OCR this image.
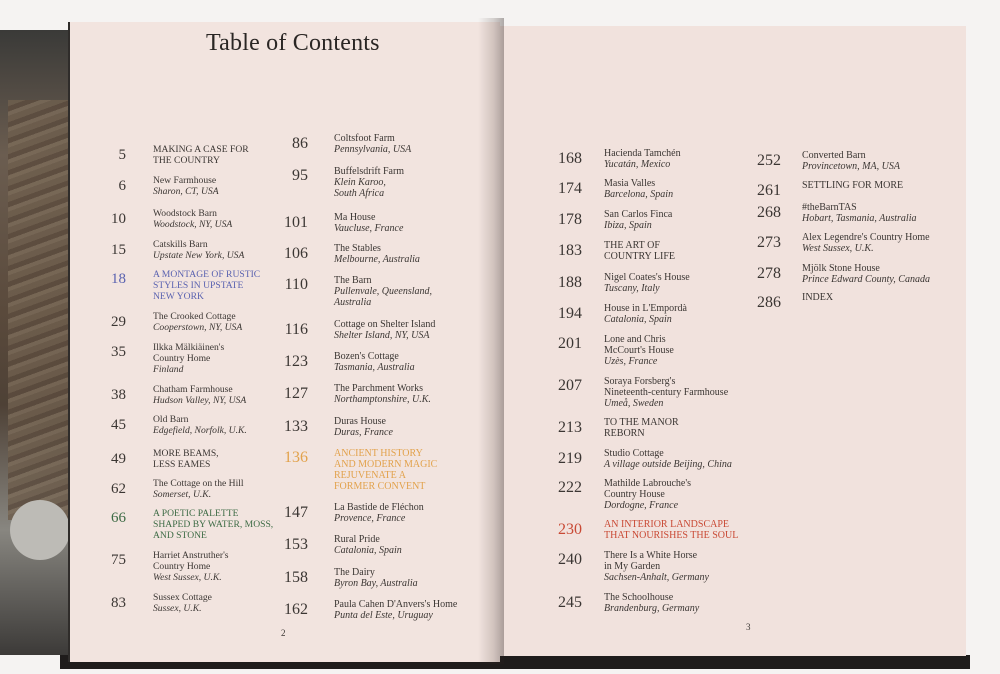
Table of Contents
5	MAKING A CASE FOR
THE COUNTRY
6	New Farmhouse
Sharon, CT, USA
10	Woodstock Barn
Woodstock, NY, USA
15	Catskills Barn
Upstate New York, USA
18	A MONTAGE OF RUSTIC
STYLES IN UPSTATE
NEW YORK
29	The Crooked Cottage
Cooperstown, NY, USA
35	Ilkka Mälkiäinen's
Country Home
Finland
38	Chatham Farmhouse
Hudson Valley, NY, USA
45	Old Barn
Edgefield, Norfolk, U.K.
49	MORE BEAMS,
LESS EAMES
62	The Cottage on the Hill
Somerset, U.K.
66	A POETIC PALETTE
SHAPED BY WATER, MOSS,
AND STONE
75	Harriet Anstruther's
Country Home
West Sussex, U.K.
83	Sussex Cottage
Sussex, U.K.
86	Coltsfoot Farm
Pennsylvania, USA
95	Buffelsdrift Farm
Klein Karoo,
South Africa
101	Ma House
Vaucluse, France
106	The Stables
Melbourne, Australia
110	The Barn
Pullenvale, Queensland,
Australia
116	Cottage on Shelter Island
Shelter Island, NY, USA
123	Bozen's Cottage
Tasmania, Australia
127	The Parchment Works
Northamptonshire, U.K.
133	Duras House
Duras, France
136	ANCIENT HISTORY
AND MODERN MAGIC
REJUVENATE A
FORMER CONVENT
147	La Bastide de Fléchon
Provence, France
153	Rural Pride
Catalonia, Spain
158	The Dairy
Byron Bay, Australia
162	Paula Cahen D'Anvers's Home
Punta del Este, Uruguay
168 Hacienda Tamchén
Yucatán, Mexico
174 Masia Valles
Barcelona, Spain
178 San Carlos Finca
Ibiza, Spain
183 THE ART OF
COUNTRY LIFE
188 Nigel Coates's House
Tuscany, Italy
194 House in L'Empordà
Catalonia, Spain
201 Lone and Chris
McCourt's House
Uzès, France
207 Soraya Forsberg's
Nineteenth-century Farmhouse
Umeå, Sweden
213 TO THE MANOR
REBORN
219 Studio Cottage
A village outside Beijing, China
222 Mathilde Labrouche's
Country House
Dordogne, France
230 AN INTERIOR LANDSCAPE
THAT NOURISHES THE SOUL
240 There Is a White Horse
in My Garden
Sachsen-Anhalt, Germany
245 The Schoolhouse
Brandenburg, Germany
252 Converted Barn
Provincetown, MA, USA
261 SETTLING FOR MORE
268 #theBarnTAS
Hobart, Tasmania, Australia
273 Alex Legendre's Country Home
West Sussex, U.K.
278 Mjölk Stone House
Prince Edward County, Canada
286 INDEX
2
3
